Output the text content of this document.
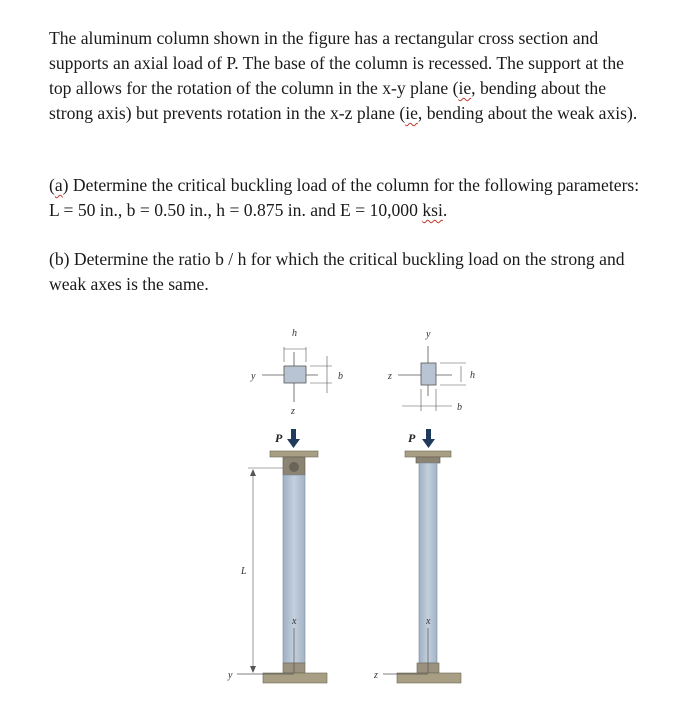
The aluminum column shown in the figure has a rectangular cross section and supports an axial load of P. The base of the column is recessed. The support at the top allows for the rotation of the column in the x-y plane (ie, bending about the strong axis) but prevents rotation in the x-z plane (ie, bending about the weak axis).

(a) Determine the critical buckling load of the column for the following parameters: L = 50 in., b = 0.50 in., h = 0.875 in. and E = 10,000 ksi.

(b) Determine the ratio b / h for which the critical buckling load on the strong and weak axes is the same.

h
b
y
z
P
x
y
L
y
z	h
b
P
x
z
